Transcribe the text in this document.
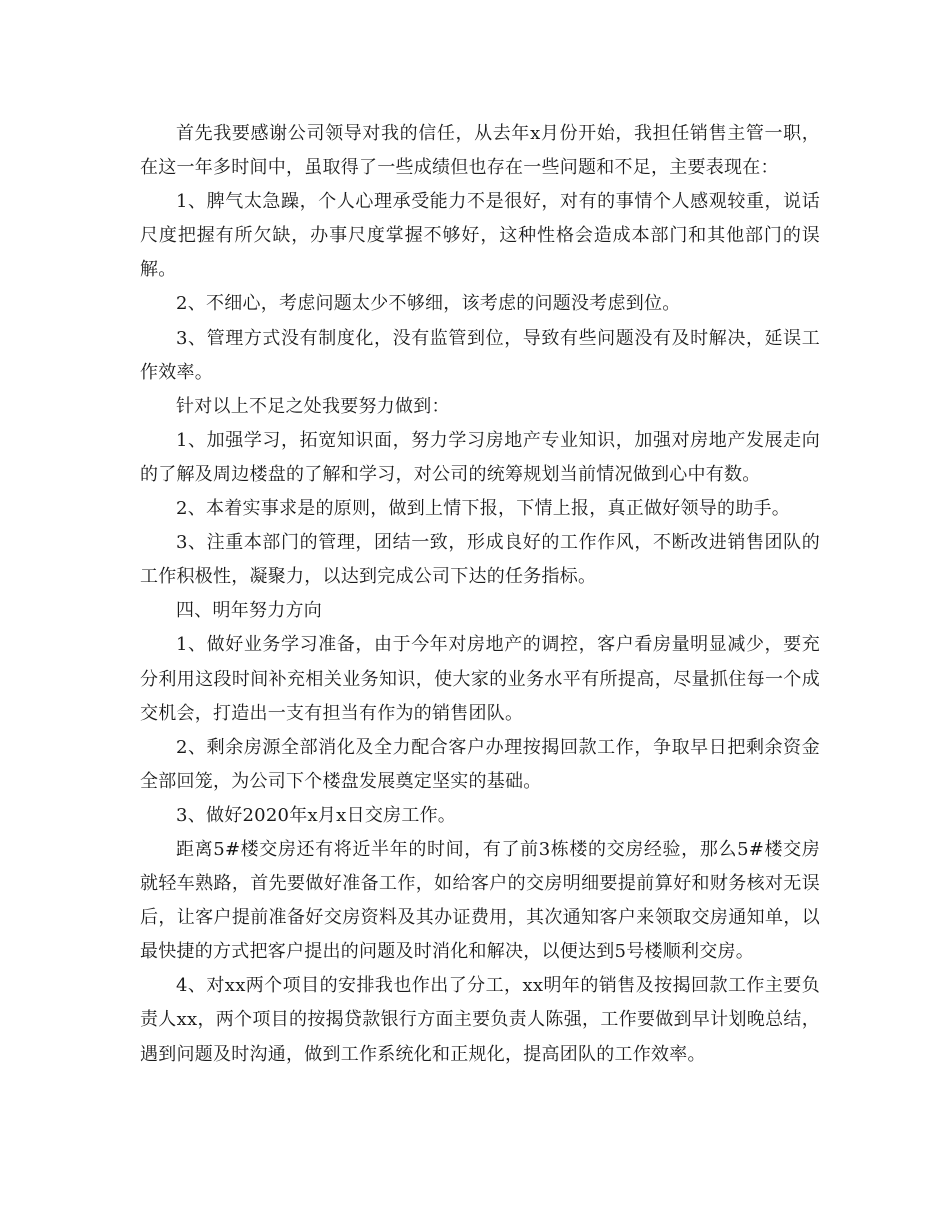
首先我要感谢公司领导对我的信任，从去年x月份开始，我担任销售主管一职，在这一年多时间中，虽取得了一些成绩但也存在一些问题和不足，主要表现在：

1、脾气太急躁，个人心理承受能力不是很好，对有的事情个人感观较重，说话尺度把握有所欠缺，办事尺度掌握不够好，这种性格会造成本部门和其他部门的误解。

2、不细心，考虑问题太少不够细，该考虑的问题没考虑到位。

3、管理方式没有制度化，没有监管到位，导致有些问题没有及时解决，延误工作效率。

针对以上不足之处我要努力做到：

1、加强学习，拓宽知识面，努力学习房地产专业知识，加强对房地产发展走向的了解及周边楼盘的了解和学习，对公司的统筹规划当前情况做到心中有数。

2、本着实事求是的原则，做到上情下报，下情上报，真正做好领导的助手。

3、注重本部门的管理，团结一致，形成良好的工作作风，不断改进销售团队的工作积极性，凝聚力，以达到完成公司下达的任务指标。

四、明年努力方向

1、做好业务学习准备，由于今年对房地产的调控，客户看房量明显减少，要充分利用这段时间补充相关业务知识，使大家的业务水平有所提高，尽量抓住每一个成交机会，打造出一支有担当有作为的销售团队。

2、剩余房源全部消化及全力配合客户办理按揭回款工作，争取早日把剩余资金全部回笼，为公司下个楼盘发展奠定坚实的基础。

3、做好2020年x月x日交房工作。

距离5#楼交房还有将近半年的时间，有了前3栋楼的交房经验，那么5#楼交房就轻车熟路，首先要做好准备工作，如给客户的交房明细要提前算好和财务核对无误后，让客户提前准备好交房资料及其办证费用，其次通知客户来领取交房通知单，以最快捷的方式把客户提出的问题及时消化和解决，以便达到5号楼顺利交房。

4、对xx两个项目的安排我也作出了分工，xx明年的销售及按揭回款工作主要负责人xx，两个项目的按揭贷款银行方面主要负责人陈强，工作要做到早计划晚总结，遇到问题及时沟通，做到工作系统化和正规化，提高团队的工作效率。
